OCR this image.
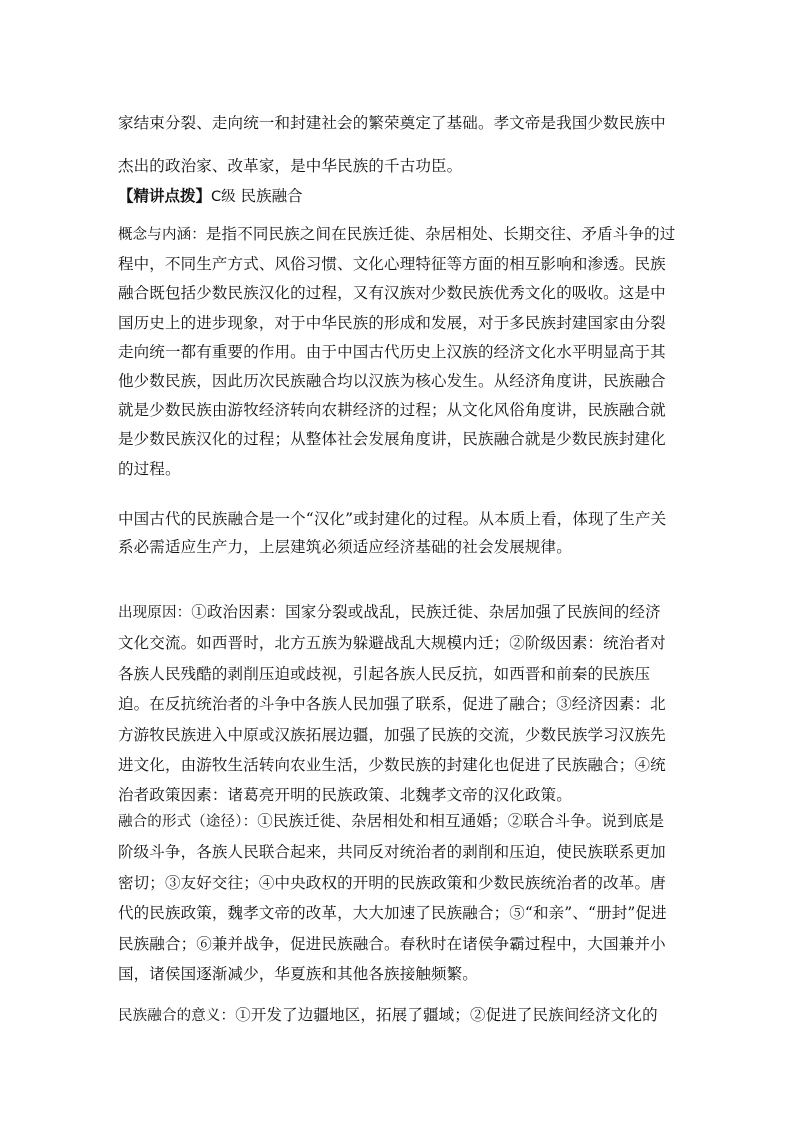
家结束分裂、走向统一和封建社会的繁荣奠定了基础。孝文帝是我国少数民族中杰出的政治家、改革家，是中华民族的千古功臣。

【精讲点拨】C级 民族融合

概念与内涵：是指不同民族之间在民族迁徙、杂居相处、长期交往、矛盾斗争的过程中，不同生产方式、风俗习惯、文化心理特征等方面的相互影响和渗透。民族融合既包括少数民族汉化的过程，又有汉族对少数民族优秀文化的吸收。这是中国历史上的进步现象，对于中华民族的形成和发展，对于多民族封建国家由分裂走向统一都有重要的作用。由于中国古代历史上汉族的经济文化水平明显高于其他少数民族，因此历次民族融合均以汉族为核心发生。从经济角度讲，民族融合就是少数民族由游牧经济转向农耕经济的过程；从文化风俗角度讲，民族融合就是少数民族汉化的过程；从整体社会发展角度讲，民族融合就是少数民族封建化的过程。

中国古代的民族融合是一个“汉化”或封建化的过程。从本质上看，体现了生产关系必需适应生产力，上层建筑必须适应经济基础的社会发展规律。

出现原因：①政治因素：国家分裂或战乱，民族迁徙、杂居加强了民族间的经济文化交流。如西晋时，北方五族为躲避战乱大规模内迁；②阶级因素：统治者对各族人民残酷的剥削压迫或歧视，引起各族人民反抗，如西晋和前秦的民族压迫。在反抗统治者的斗争中各族人民加强了联系，促进了融合；③经济因素：北方游牧民族进入中原或汉族拓展边疆，加强了民族的交流，少数民族学习汉族先进文化，由游牧生活转向农业生活，少数民族的封建化也促进了民族融合；④统治者政策因素：诸葛亮开明的民族政策、北魏孝文帝的汉化政策。

融合的形式（途径）：①民族迁徙、杂居相处和相互通婚；②联合斗争。说到底是阶级斗争，各族人民联合起来，共同反对统治者的剥削和压迫，使民族联系更加密切；③友好交往；④中央政权的开明的民族政策和少数民族统治者的改革。唐代的民族政策，魏孝文帝的改革，大大加速了民族融合；⑤“和亲”、“册封”促进民族融合；⑥兼并战争，促进民族融合。春秋时在诸侯争霸过程中，大国兼并小国，诸侯国逐渐减少，华夏族和其他各族接触频繁。

民族融合的意义：①开发了边疆地区，拓展了疆域；②促进了民族间经济文化的
